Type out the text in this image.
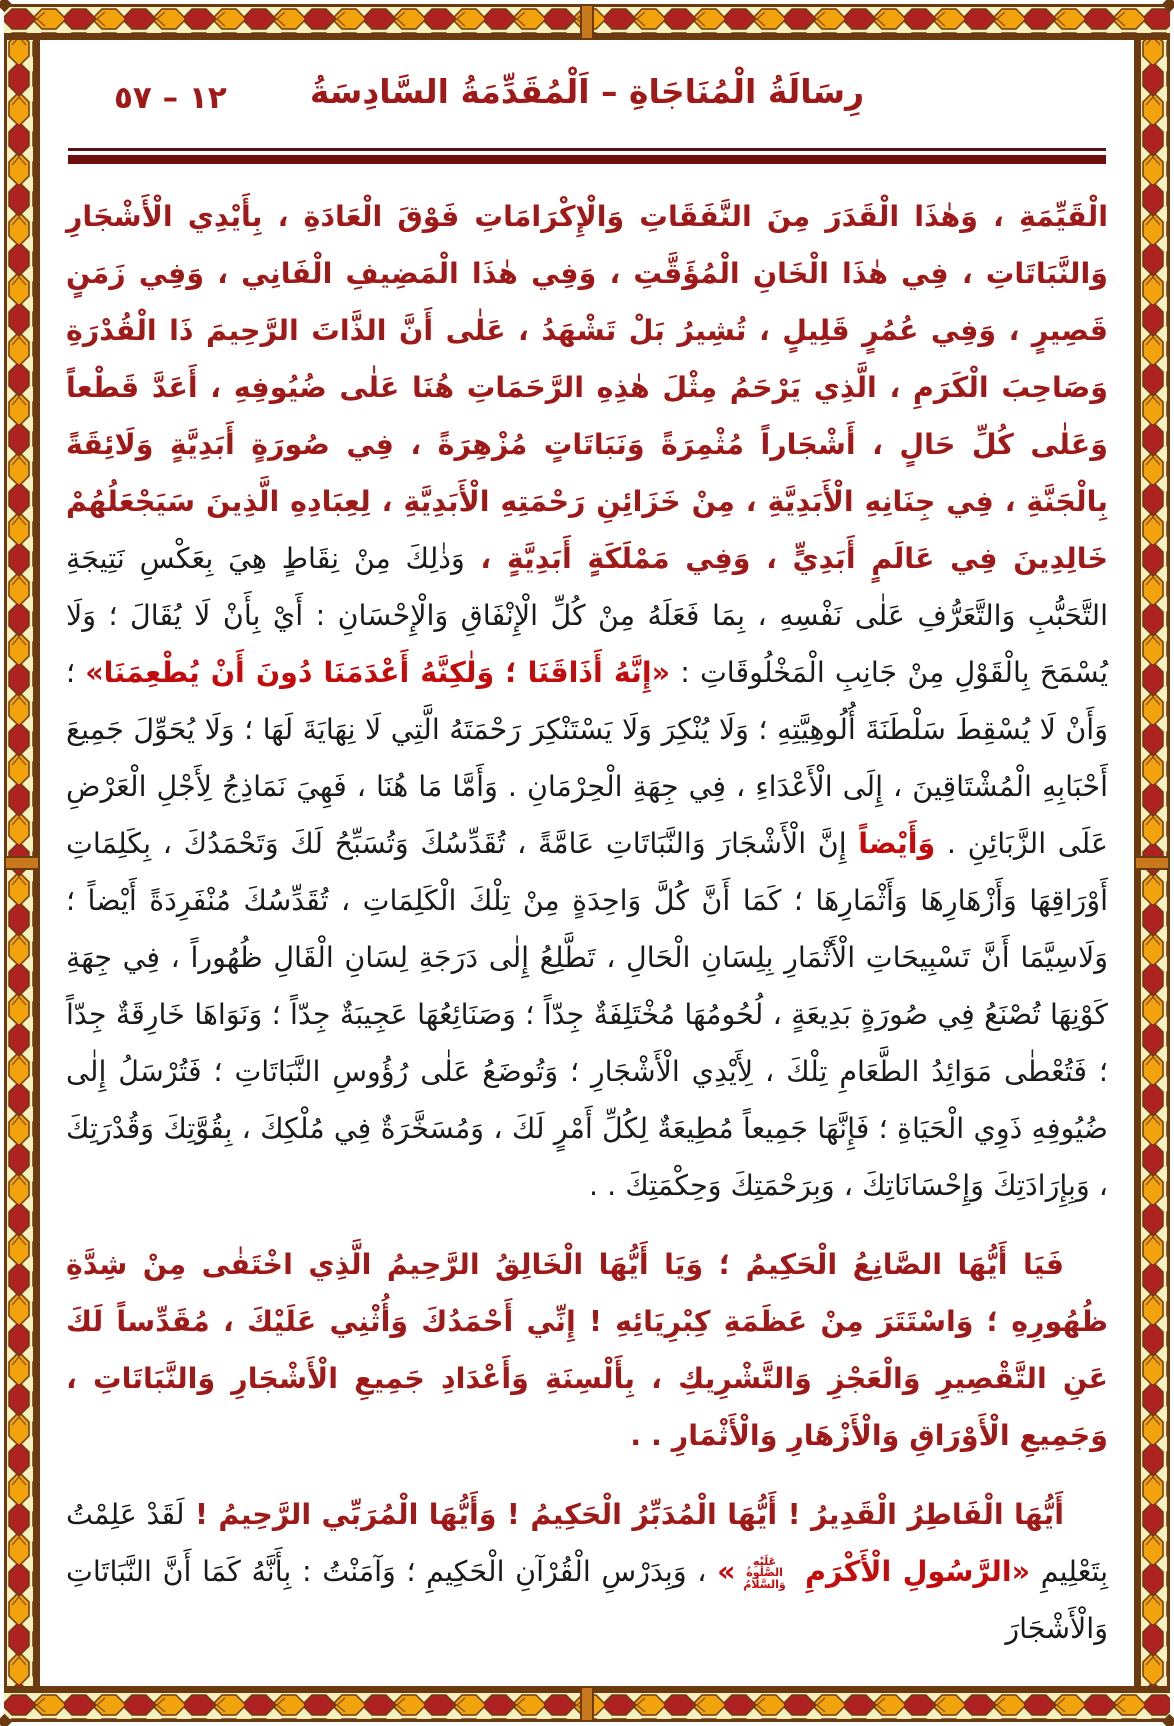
٥٧ – ١٢	رِسَالَةُ الْمُنَاجَاةِ – اَلْمُقَدِّمَةُ السَّادِسَةُ

الْقَيِّمَةِ ، وَهٰذَا الْقَدَرَ مِنَ النَّفَقَاتِ وَالْإِكْرَامَاتِ فَوْقَ الْعَادَةِ ، بِأَيْدِي الْأَشْجَارِ وَالنَّبَاتَاتِ ، فِي هٰذَا الْخَانِ الْمُؤَقَّتِ ، وَفِي هٰذَا الْمَضِيفِ الْفَانِي ، وَفِي زَمَنٍ قَصِيرٍ ، وَفِي عُمُرٍ قَلِيلٍ ، تُشِيرُ بَلْ تَشْهَدُ ، عَلٰى أَنَّ الذَّاتَ الرَّحِيمَ ذَا الْقُدْرَةِ وَصَاحِبَ الْكَرَمِ ، الَّذِي يَرْحَمُ مِثْلَ هٰذِهِ الرَّحَمَاتِ هُنَا عَلٰى ضُيُوفِهِ ، أَعَدَّ قَطْعاً وَعَلٰى كُلِّ حَالٍ ، أَشْجَاراً مُثْمِرَةً وَنَبَاتَاتٍ مُزْهِرَةً ، فِي صُورَةٍ أَبَدِيَّةٍ وَلَائِقَةً بِالْجَنَّةِ ، فِي جِنَانِهِ الْأَبَدِيَّةِ ، مِنْ خَزَائِنِ رَحْمَتِهِ الْأَبَدِيَّةِ ، لِعِبَادِهِ الَّذِينَ سَيَجْعَلُهُمْ خَالِدِينَ فِي عَالَمٍ أَبَدِيٍّ ، وَفِي مَمْلَكَةٍ أَبَدِيَّةٍ ، وَذٰلِكَ مِنْ نِقَاطٍ هِيَ بِعَكْسِ نَتِيجَةِ التَّحَبُّبِ وَالتَّعَرُّفِ عَلٰى نَفْسِهِ ، بِمَا فَعَلَهُ مِنْ كُلِّ الْإِنْفَاقِ وَالْإِحْسَانِ : أَيْ بِأَنْ لَا يُقَالَ ؛ وَلَا يُسْمَحَ بِالْقَوْلِ مِنْ جَانِبِ الْمَخْلُوقَاتِ : «إِنَّهُ أَذَاقَنَا ؛ وَلٰكِنَّهُ أَعْدَمَنَا دُونَ أَنْ يُطْعِمَنَا» ؛ وَأَنْ لَا يُسْقِطَ سَلْطَنَةَ أُلُوهِيَّتِهِ ؛ وَلَا يُنْكِرَ وَلَا يَسْتَنْكِرَ رَحْمَتَهُ الَّتِي لَا نِهَايَةَ لَهَا ؛ وَلَا يُحَوِّلَ جَمِيعَ أَحْبَابِهِ الْمُشْتَاقِينَ ، إِلَى الْأَعْدَاءِ ، فِي جِهَةِ الْحِرْمَانِ . وَأَمَّا مَا هُنَا ، فَهِيَ نَمَاذِجُ لِأَجْلِ الْعَرْضِ عَلَى الزَّبَائِنِ . وَأَيْضاً إِنَّ الْأَشْجَارَ وَالنَّبَاتَاتِ عَامَّةً ، تُقَدِّسُكَ وَتُسَبِّحُ لَكَ وَتَحْمَدُكَ ، بِكَلِمَاتِ أَوْرَاقِهَا وَأَزْهَارِهَا وَأَثْمَارِهَا ؛ كَمَا أَنَّ كُلَّ وَاحِدَةٍ مِنْ تِلْكَ الْكَلِمَاتِ ، تُقَدِّسُكَ مُنْفَرِدَةً أَيْضاً ؛ وَلَاسِيَّمَا أَنَّ تَسْبِيحَاتِ الْأَثْمَارِ بِلِسَانِ الْحَالِ ، تَطَّلِعُ إِلٰى دَرَجَةِ لِسَانِ الْقَالِ ظُهُوراً ، فِي جِهَةِ كَوْنِهَا تُصْنَعُ فِي صُورَةٍ بَدِيعَةٍ ، لُحُومُهَا مُخْتَلِفَةٌ جِدّاً ؛ وَصَنَائِعُهَا عَجِيبَةٌ جِدّاً ؛ وَنَوَاهَا خَارِقَةٌ جِدّاً ؛ فَتُعْطٰى مَوَائِدُ الطَّعَامِ تِلْكَ ، لِأَيْدِي الْأَشْجَارِ ؛ وَتُوضَعُ عَلٰى رُؤُوسِ النَّبَاتَاتِ ؛ فَتُرْسَلُ إِلٰى ضُيُوفِهِ ذَوِي الْحَيَاةِ ؛ فَإِنَّهَا جَمِيعاً مُطِيعَةٌ لِكُلِّ أَمْرٍ لَكَ ، وَمُسَخَّرَةٌ فِي مُلْكِكَ ، بِقُوَّتِكَ وَقُدْرَتِكَ ، وَبِإِرَادَتِكَ وَإِحْسَانَاتِكَ ، وَبِرَحْمَتِكَ وَحِكْمَتِكَ . .

فَيَا أَيُّهَا الصَّانِعُ الْحَكِيمُ ؛ وَيَا أَيُّهَا الْخَالِقُ الرَّحِيمُ الَّذِي اخْتَفٰى مِنْ شِدَّةِ ظُهُورِهِ ؛ وَاسْتَتَرَ مِنْ عَظَمَةِ كِبْرِيَائِهِ ! إِنِّي أَحْمَدُكَ وَأُثْنِي عَلَيْكَ ، مُقَدِّساً لَكَ عَنِ التَّقْصِيرِ وَالْعَجْزِ وَالتَّشْرِيكِ ، بِأَلْسِنَةِ وَأَعْدَادِ جَمِيعِ الْأَشْجَارِ وَالنَّبَاتَاتِ ، وَجَمِيعِ الْأَوْرَاقِ وَالْأَزْهَارِ وَالْأَثْمَارِ . .

أَيُّهَا الْفَاطِرُ الْقَدِيرُ ! أَيُّهَا الْمُدَبِّرُ الْحَكِيمُ ! وَأَيُّهَا الْمُرَبِّي الرَّحِيمُ ! لَقَدْ عَلِمْتُ بِتَعْلِيمِ «الرَّسُولِ الْأَكْرَمِ عَلَيْهِ الصَّلٰوةُ وَالسَّلَامُ» ، وَبِدَرْسِ الْقُرْآنِ الْحَكِيمِ ؛ وَآمَنْتُ : بِأَنَّهُ كَمَا أَنَّ النَّبَاتَاتِ وَالْأَشْجَارَ
